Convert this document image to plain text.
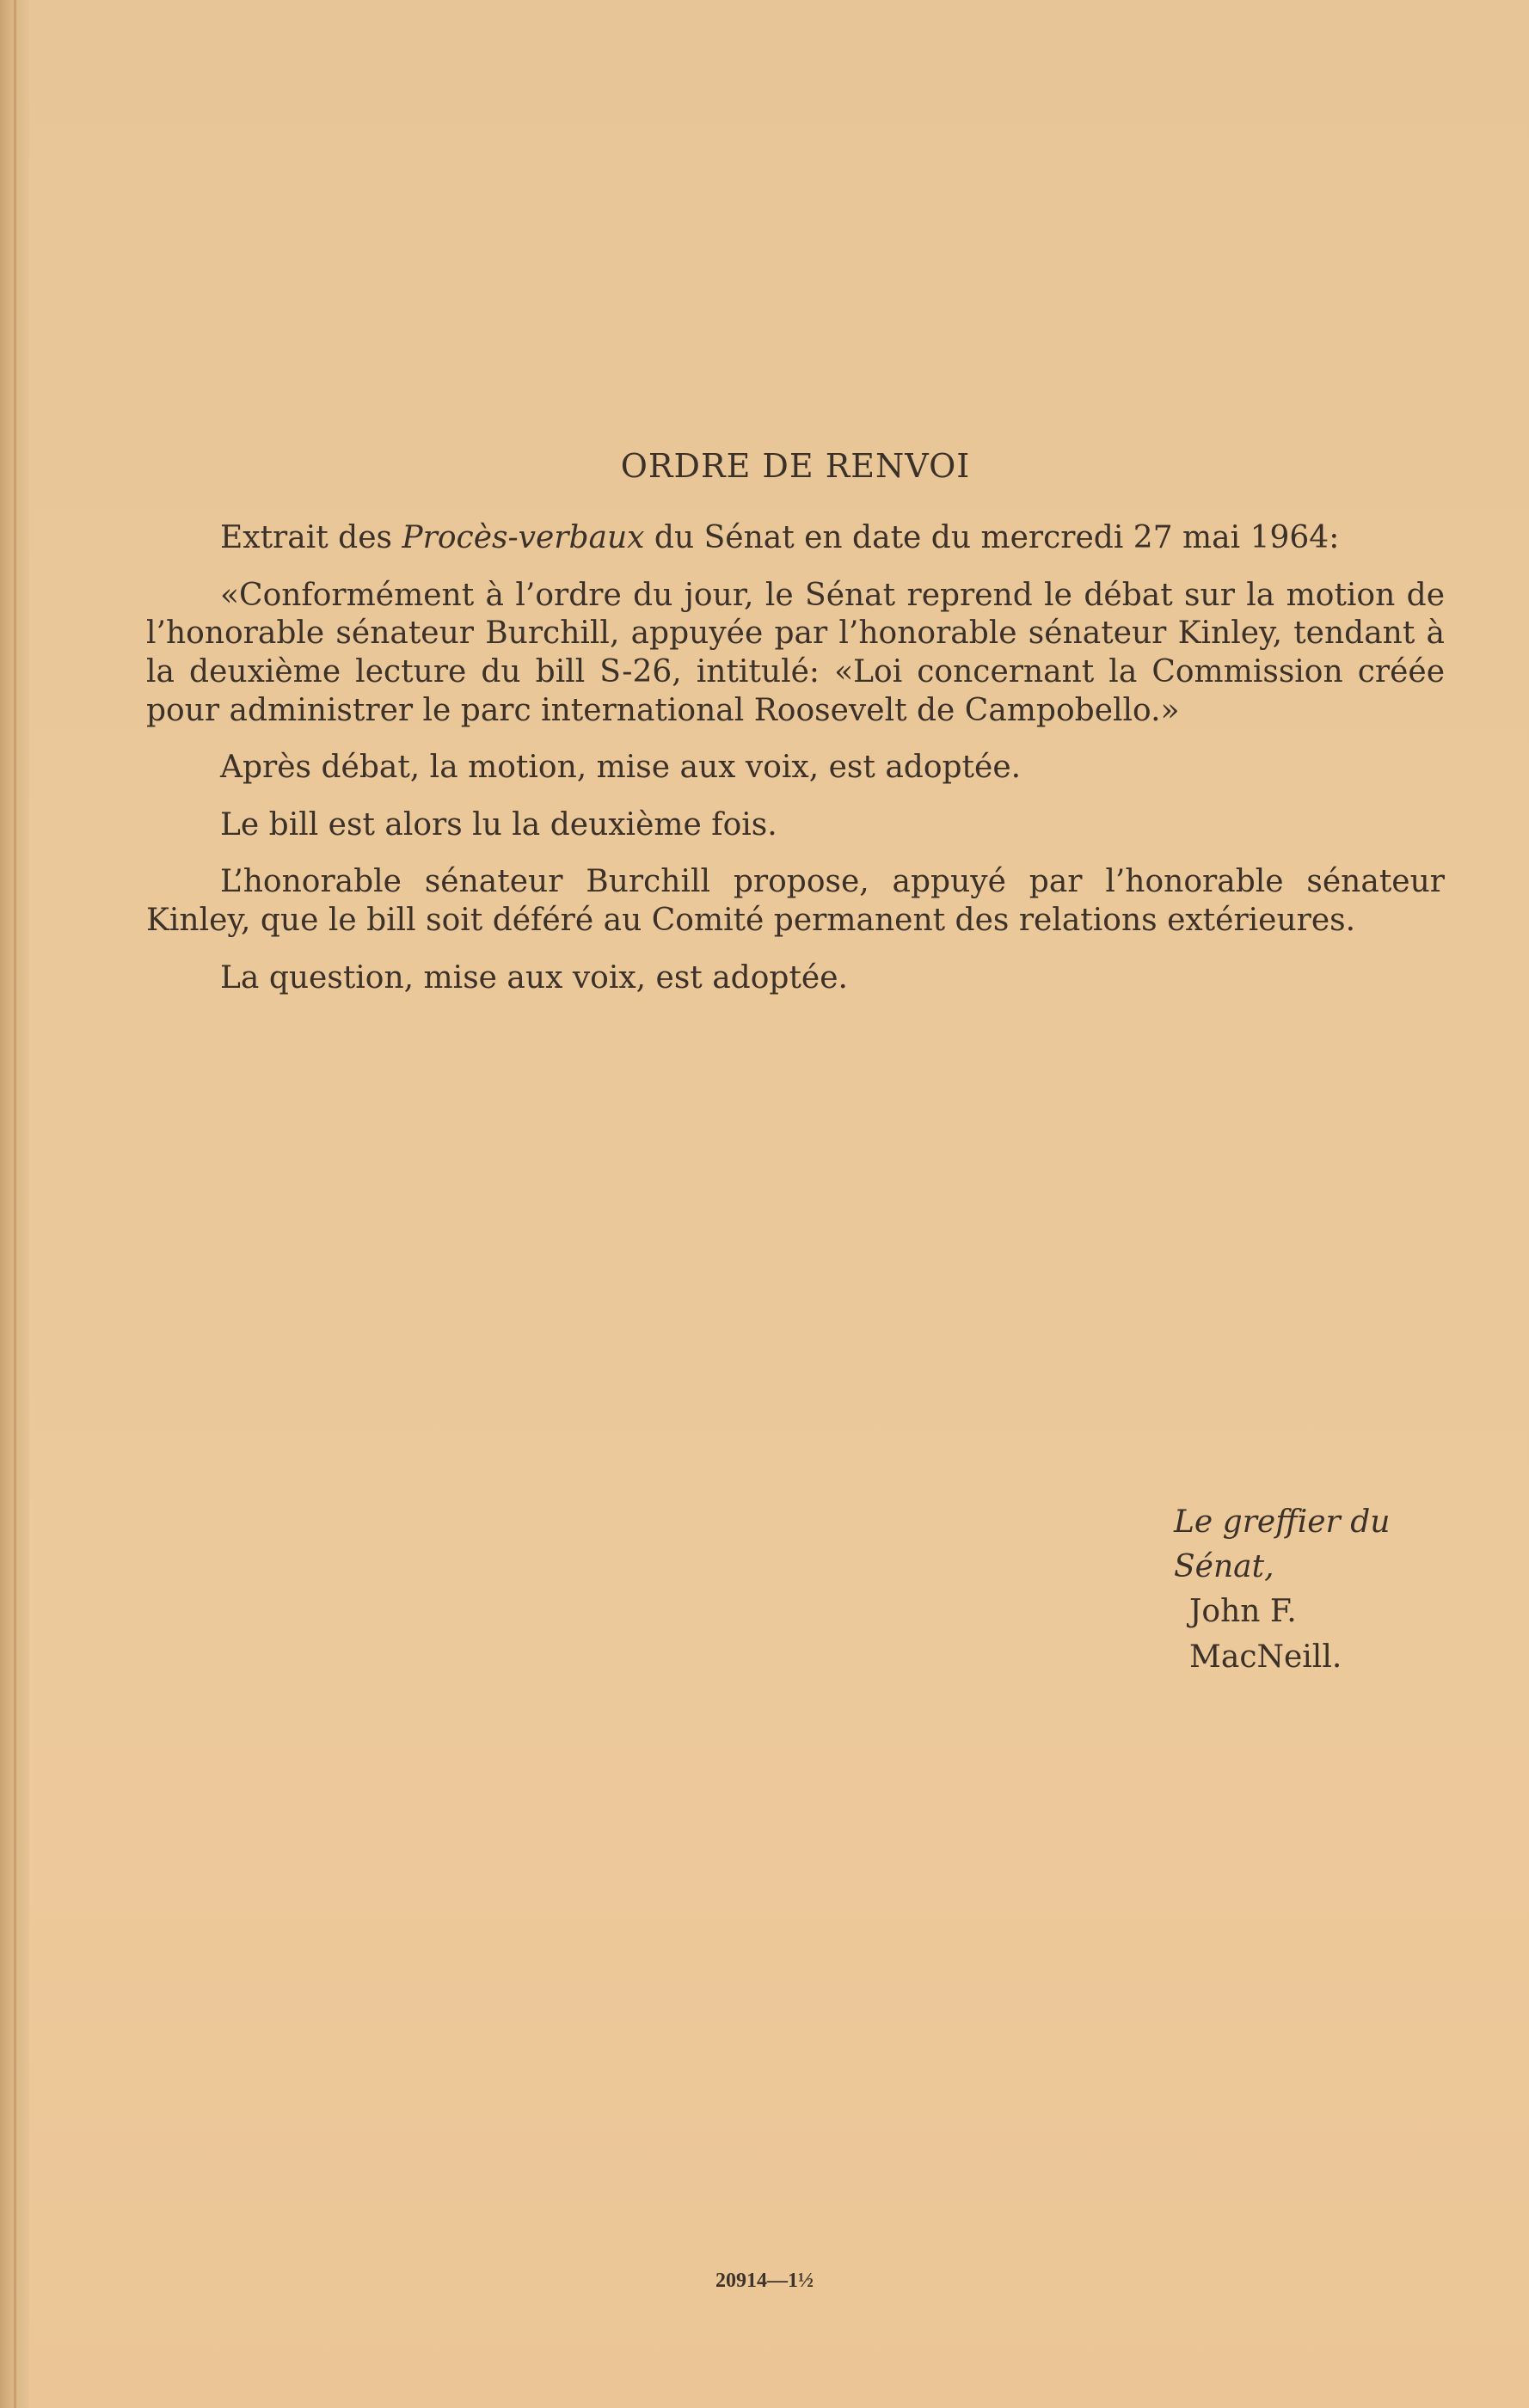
ORDRE DE RENVOI

Extrait des Procès-verbaux du Sénat en date du mercredi 27 mai 1964:

«Conformément à l’ordre du jour, le Sénat reprend le débat sur la motion de l’honorable sénateur Burchill, appuyée par l’honorable sénateur Kinley, tendant à la deuxième lecture du bill S-26, intitulé: «Loi concernant la Commission créée pour administrer le parc international Roosevelt de Campobello.»

Après débat, la motion, mise aux voix, est adoptée.

Le bill est alors lu la deuxième fois.

L’honorable sénateur Burchill propose, appuyé par l’honorable sénateur Kinley, que le bill soit déféré au Comité permanent des relations extérieures.

La question, mise aux voix, est adoptée.

Le greffier du Sénat,
John F. MacNeill.
20914—1½
